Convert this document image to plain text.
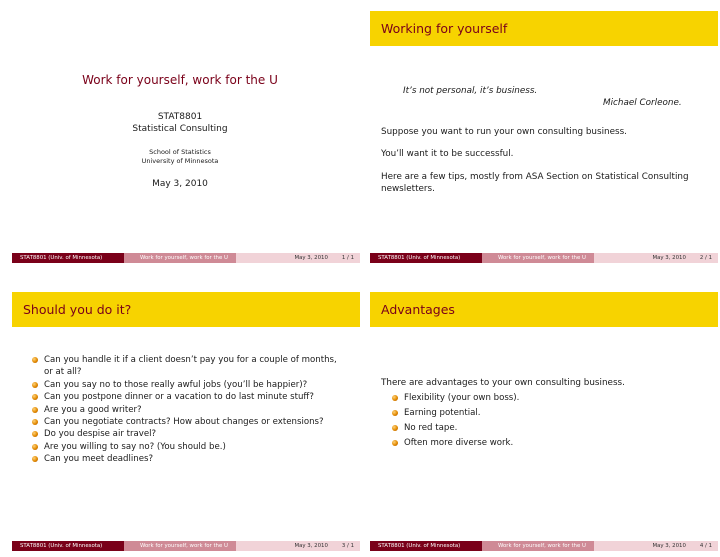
Work for yourself, work for the U
STAT8801
Statistical Consulting
School of Statistics
University of Minnesota
May 3, 2010
STAT8801 (Univ. of Minnesota)	Work for yourself, work for the U	May 3, 2010	1 / 1
Working for yourself
It’s not personal, it’s business.
Michael Corleone.
Suppose you want to run your own consulting business.
You’ll want it to be successful.
Here are a few tips, mostly from ASA Section on Statistical Consulting
newsletters.
STAT8801 (Univ. of Minnesota)	Work for yourself, work for the U	May 3, 2010	2 / 1
Should you do it?
Can you handle it if a client doesn’t pay you for a couple of months,
or at all?
Can you say no to those really awful jobs (you’ll be happier)?
Can you postpone dinner or a vacation to do last minute stuff?
Are you a good writer?
Can you negotiate contracts? How about changes or extensions?
Do you despise air travel?
Are you willing to say no? (You should be.)
Can you meet deadlines?
STAT8801 (Univ. of Minnesota)	Work for yourself, work for the U	May 3, 2010	3 / 1
Advantages
There are advantages to your own consulting business.
Flexibility (your own boss).
Earning potential.
No red tape.
Often more diverse work.
STAT8801 (Univ. of Minnesota)	Work for yourself, work for the U	May 3, 2010	4 / 1
